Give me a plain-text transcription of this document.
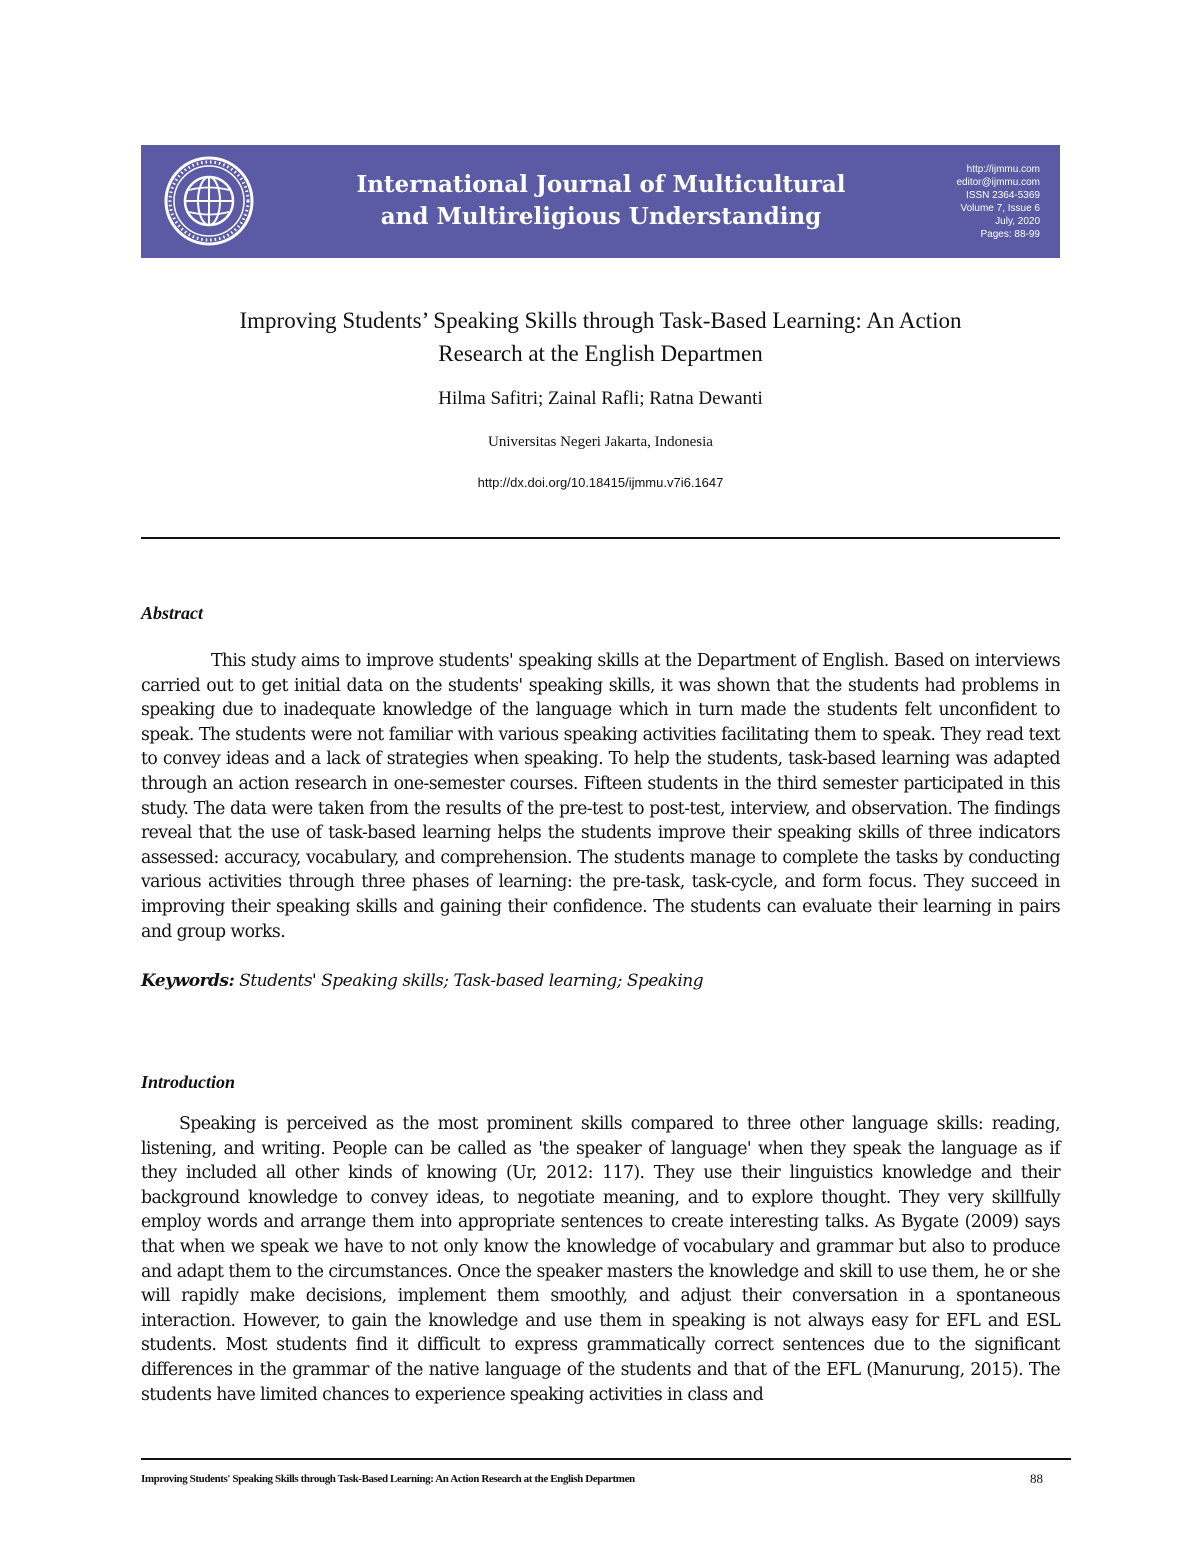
International Journal of Multicultural
and Multireligious Understanding
http://ijmmu.com
editor@ijmmu.com
ISSN 2364-5369
Volume 7, Issue 6
July, 2020
Pages: 88-99
Improving Students’ Speaking Skills through Task-Based Learning: An Action
Research at the English Departmen
Hilma Safitri; Zainal Rafli; Ratna Dewanti
Universitas Negeri Jakarta, Indonesia
http://dx.doi.org/10.18415/ijmmu.v7i6.1647
Abstract

This study aims to improve students' speaking skills at the Department of English. Based on interviews carried out to get initial data on the students' speaking skills, it was shown that the students had problems in speaking due to inadequate knowledge of the language which in turn made the students felt unconfident to speak. The students were not familiar with various speaking activities facilitating them to speak. They read text to convey ideas and a lack of strategies when speaking. To help the students, task-based learning was adapted through an action research in one-semester courses. Fifteen students in the third semester participated in this study. The data were taken from the results of the pre-test to post-test, interview, and observation. The findings reveal that the use of task-based learning helps the students improve their speaking skills of three indicators assessed: accuracy, vocabulary, and comprehension. The students manage to complete the tasks by conducting various activities through three phases of learning: the pre-task, task-cycle, and form focus. They succeed in improving their speaking skills and gaining their confidence. The students can evaluate their learning in pairs and group works.

Keywords: Students' Speaking skills; Task-based learning; Speaking
Introduction

Speaking is perceived as the most prominent skills compared to three other language skills: reading, listening, and writing. People can be called as 'the speaker of language' when they speak the language as if they included all other kinds of knowing (Ur, 2012: 117). They use their linguistics knowledge and their background knowledge to convey ideas, to negotiate meaning, and to explore thought. They very skillfully employ words and arrange them into appropriate sentences to create interesting talks. As Bygate (2009) says that when we speak we have to not only know the knowledge of vocabulary and grammar but also to produce and adapt them to the circumstances. Once the speaker masters the knowledge and skill to use them, he or she will rapidly make decisions, implement them smoothly, and adjust their conversation in a spontaneous interaction. However, to gain the knowledge and use them in speaking is not always easy for EFL and ESL students. Most students find it difficult to express grammatically correct sentences due to the significant differences in the grammar of the native language of the students and that of the EFL (Manurung, 2015). The students have limited chances to experience speaking activities in class and

Improving Students' Speaking Skills through Task-Based Learning: An Action Research at the English Departmen	88
